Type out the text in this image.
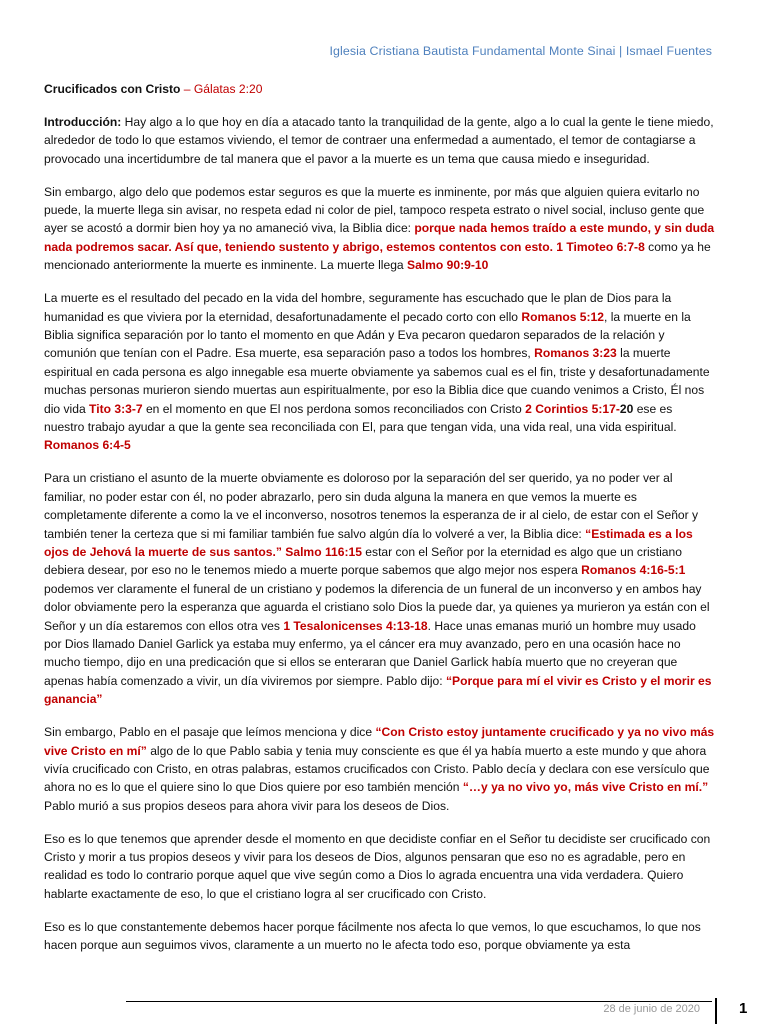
Iglesia Cristiana Bautista Fundamental Monte Sinai | Ismael Fuentes

Crucificados con Cristo – Gálatas 2:20

Introducción: Hay algo a lo que hoy en día a atacado tanto la tranquilidad de la gente, algo a lo cual la gente le tiene miedo, alrededor de todo lo que estamos viviendo, el temor de contraer una enfermedad a aumentado, el temor de contagiarse a provocado una incertidumbre de tal manera que el pavor a la muerte es un tema que causa miedo e inseguridad.

Sin embargo, algo delo que podemos estar seguros es que la muerte es inminente, por más que alguien quiera evitarlo no puede, la muerte llega sin avisar, no respeta edad ni color de piel, tampoco respeta estrato o nivel social, incluso gente que ayer se acostó a dormir bien hoy ya no amaneció viva, la Biblia dice: porque nada hemos traído a este mundo, y sin duda nada podremos sacar. Así que, teniendo sustento y abrigo, estemos contentos con esto. 1 Timoteo 6:7-8 como ya he mencionado anteriormente la muerte es inminente. La muerte llega Salmo 90:9-10

La muerte es el resultado del pecado en la vida del hombre, seguramente has escuchado que le plan de Dios para la humanidad es que viviera por la eternidad, desafortunadamente el pecado corto con ello Romanos 5:12, la muerte en la Biblia significa separación por lo tanto el momento en que Adán y Eva pecaron quedaron separados de la relación y comunión que tenían con el Padre. Esa muerte, esa separación paso a todos los hombres, Romanos 3:23 la muerte espiritual en cada persona es algo innegable esa muerte obviamente ya sabemos cual es el fin, triste y desafortunadamente muchas personas murieron siendo muertas aun espiritualmente, por eso la Biblia dice que cuando venimos a Cristo, Él nos dio vida Tito 3:3-7 en el momento en que El nos perdona somos reconciliados con Cristo 2 Corintios 5:17-20 ese es nuestro trabajo ayudar a que la gente sea reconciliada con El, para que tengan vida, una vida real, una vida espiritual. Romanos 6:4-5

Para un cristiano el asunto de la muerte obviamente es doloroso por la separación del ser querido, ya no poder ver al familiar, no poder estar con él, no poder abrazarlo, pero sin duda alguna la manera en que vemos la muerte es completamente diferente a como la ve el inconverso, nosotros tenemos la esperanza de ir al cielo, de estar con el Señor y también tener la certeza que si mi familiar también fue salvo algún día lo volveré a ver, la Biblia dice: “Estimada es a los ojos de Jehová la muerte de sus santos.” Salmo 116:15 estar con el Señor por la eternidad es algo que un cristiano debiera desear, por eso no le tenemos miedo a muerte porque sabemos que algo mejor nos espera Romanos 4:16-5:1 podemos ver claramente el funeral de un cristiano y podemos la diferencia de un funeral de un inconverso y en ambos hay dolor obviamente pero la esperanza que aguarda el cristiano solo Dios la puede dar, ya quienes ya murieron ya están con el Señor y un día estaremos con ellos otra ves 1 Tesalonicenses 4:13-18. Hace unas emanas murió un hombre muy usado por Dios llamado Daniel Garlick ya estaba muy enfermo, ya el cáncer era muy avanzado, pero en una ocasión hace no mucho tiempo, dijo en una predicación que si ellos se enteraran que Daniel Garlick había muerto que no creyeran que apenas había comenzado a vivir, un día viviremos por siempre. Pablo dijo: “Porque para mí el vivir es Cristo y el morir es ganancia”

Sin embargo, Pablo en el pasaje que leímos menciona y dice “Con Cristo estoy juntamente crucificado y ya no vivo más vive Cristo en mí” algo de lo que Pablo sabia y tenia muy consciente es que él ya había muerto a este mundo y que ahora vivía crucificado con Cristo, en otras palabras, estamos crucificados con Cristo. Pablo decía y declara con ese versículo que ahora no es lo que el quiere sino lo que Dios quiere por eso también mención “…y ya no vivo yo, más vive Cristo en mí.” Pablo murió a sus propios deseos para ahora vivir para los deseos de Dios.

Eso es lo que tenemos que aprender desde el momento en que decidiste confiar en el Señor tu decidiste ser crucificado con Cristo y morir a tus propios deseos y vivir para los deseos de Dios, algunos pensaran que eso no es agradable, pero en realidad es todo lo contrario porque aquel que vive según como a Dios lo agrada encuentra una vida verdadera. Quiero hablarte exactamente de eso, lo que el cristiano logra al ser crucificado con Cristo.

Eso es lo que constantemente debemos hacer porque fácilmente nos afecta lo que vemos, lo que escuchamos, lo que nos hacen porque aun seguimos vivos, claramente a un muerto no le afecta todo eso, porque obviamente ya esta

28 de junio de 2020	1
